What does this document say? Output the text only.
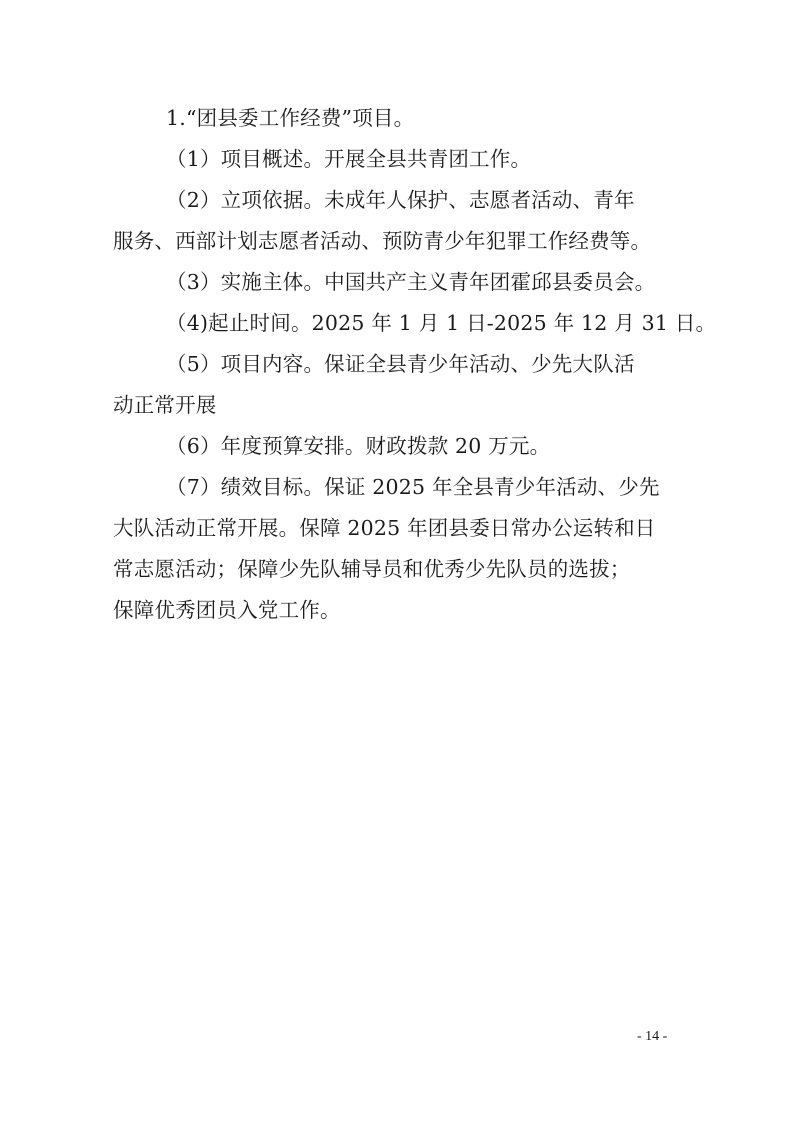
1.“团县委工作经费”项目。
（1）项目概述。开展全县共青团工作。
（2）立项依据。未成年人保护、志愿者活动、青年
服务、西部计划志愿者活动、预防青少年犯罪工作经费等。
（3）实施主体。中国共产主义青年团霍邱县委员会。
（4)起止时间。2025 年 1 月 1 日-2025 年 12 月 31 日。
（5）项目内容。保证全县青少年活动、少先大队活
动正常开展
（6）年度预算安排。财政拨款 20 万元。
（7）绩效目标。保证 2025 年全县青少年活动、少先
大队活动正常开展。保障 2025 年团县委日常办公运转和日
常志愿活动；保障少先队辅导员和优秀少先队员的选拔；
保障优秀团员入党工作。
- 14 -
